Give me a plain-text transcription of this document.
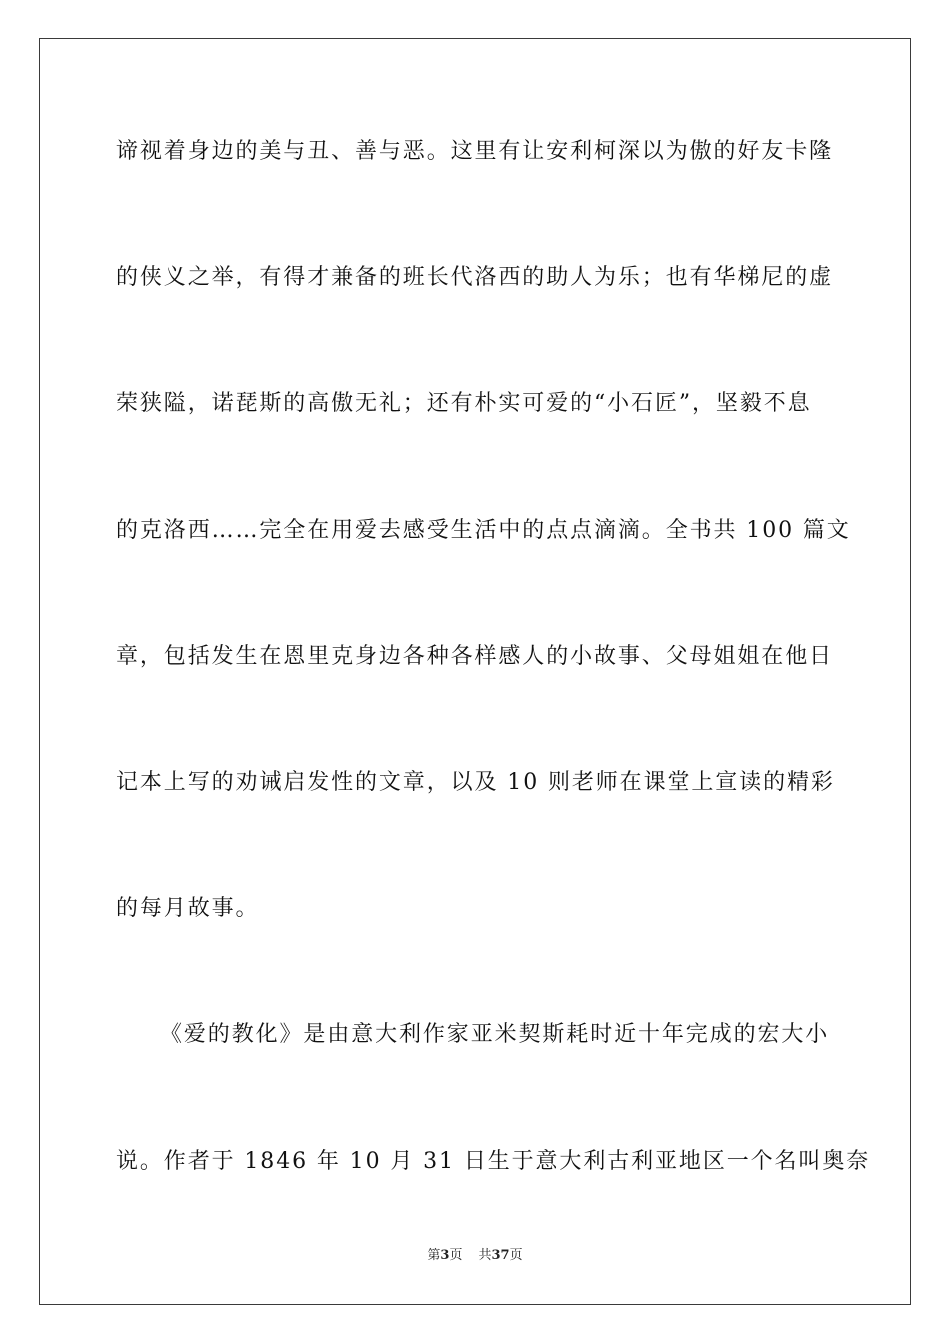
谛视着身边的美与丑、善与恶。这里有让安利柯深以为傲的好友卡隆
的侠义之举，有得才兼备的班长代洛西的助人为乐；也有华梯尼的虚
荣狭隘，诺琵斯的高傲无礼；还有朴实可爱的“小石匠”，坚毅不息
的克洛西……完全在用爱去感受生活中的点点滴滴。全书共 100 篇文
章，包括发生在恩里克身边各种各样感人的小故事、父母姐姐在他日
记本上写的劝诫启发性的文章，以及 10 则老师在课堂上宣读的精彩
的每月故事。
《爱的教化》是由意大利作家亚米契斯耗时近十年完成的宏大小
说。作者于 1846 年 10 月 31 日生于意大利古利亚地区一个名叫奥奈
第3页 共37页
